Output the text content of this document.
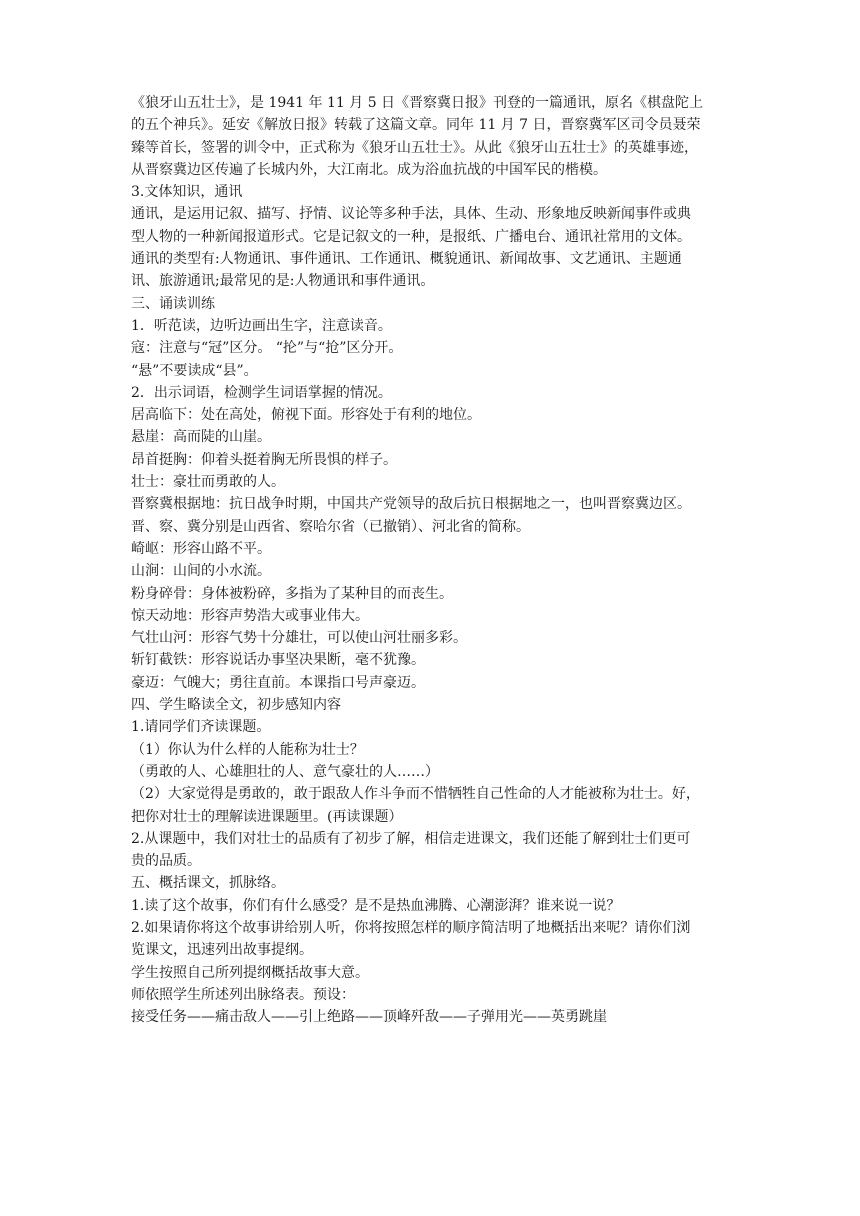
《狼牙山五壮士》，是 1941 年 11 月 5 日《晋察冀日报》刊登的一篇通讯，原名《棋盘陀上
的五个神兵》。延安《解放日报》转载了这篇文章。同年 11 月 7 日，晋察冀军区司令员聂荣
臻等首长，签署的训令中，正式称为《狼牙山五壮士》。从此《狼牙山五壮士》的英雄事迹，
从晋察冀边区传遍了长城内外，大江南北。成为浴血抗战的中国军民的楷模。
3.文体知识，通讯
通讯，是运用记叙、描写、抒情、议论等多种手法，具体、生动、形象地反映新闻事件或典
型人物的一种新闻报道形式。它是记叙文的一种，是报纸、广播电台、通讯社常用的文体。
通讯的类型有:人物通讯、事件通讯、工作通讯、概貌通讯、新闻故事、文艺通讯、主题通
讯、旅游通讯;最常见的是:人物通讯和事件通讯。
三、诵读训练
1．听范读，边听边画出生字，注意读音。
寇：注意与“冠”区分。 “抡”与“抢”区分开。
“悬”不要读成“县”。
2．出示词语，检测学生词语掌握的情况。
居高临下：处在高处，俯视下面。形容处于有利的地位。
悬崖：高而陡的山崖。
昂首挺胸：仰着头挺着胸无所畏惧的样子。
壮士：豪壮而勇敢的人。
晋察冀根据地：抗日战争时期，中国共产党领导的敌后抗日根据地之一，也叫晋察冀边区。
晋、察、冀分别是山西省、察哈尔省（已撤销）、河北省的简称。
崎岖：形容山路不平。
山涧：山间的小水流。
粉身碎骨：身体被粉碎，多指为了某种目的而丧生。
惊天动地：形容声势浩大或事业伟大。
气壮山河：形容气势十分雄壮，可以使山河壮丽多彩。
斩钉截铁：形容说话办事坚决果断，毫不犹豫。
豪迈：气魄大；勇往直前。本课指口号声豪迈。
四、学生略读全文，初步感知内容
1.请同学们齐读课题。
（1）你认为什么样的人能称为壮士？
（勇敢的人、心雄胆壮的人、意气豪壮的人……）
（2）大家觉得是勇敢的，敢于跟敌人作斗争而不惜牺牲自己性命的人才能被称为壮士。好，
把你对壮士的理解读进课题里。(再读课题）
2.从课题中，我们对壮士的品质有了初步了解，相信走进课文，我们还能了解到壮士们更可
贵的品质。
五、概括课文，抓脉络。
1.读了这个故事，你们有什么感受？是不是热血沸腾、心潮澎湃？谁来说一说？
2.如果请你将这个故事讲给别人听，你将按照怎样的顺序简洁明了地概括出来呢？请你们浏
览课文，迅速列出故事提纲。
学生按照自己所列提纲概括故事大意。
师依照学生所述列出脉络表。预设：
接受任务——痛击敌人——引上绝路——顶峰歼敌——子弹用光——英勇跳崖
